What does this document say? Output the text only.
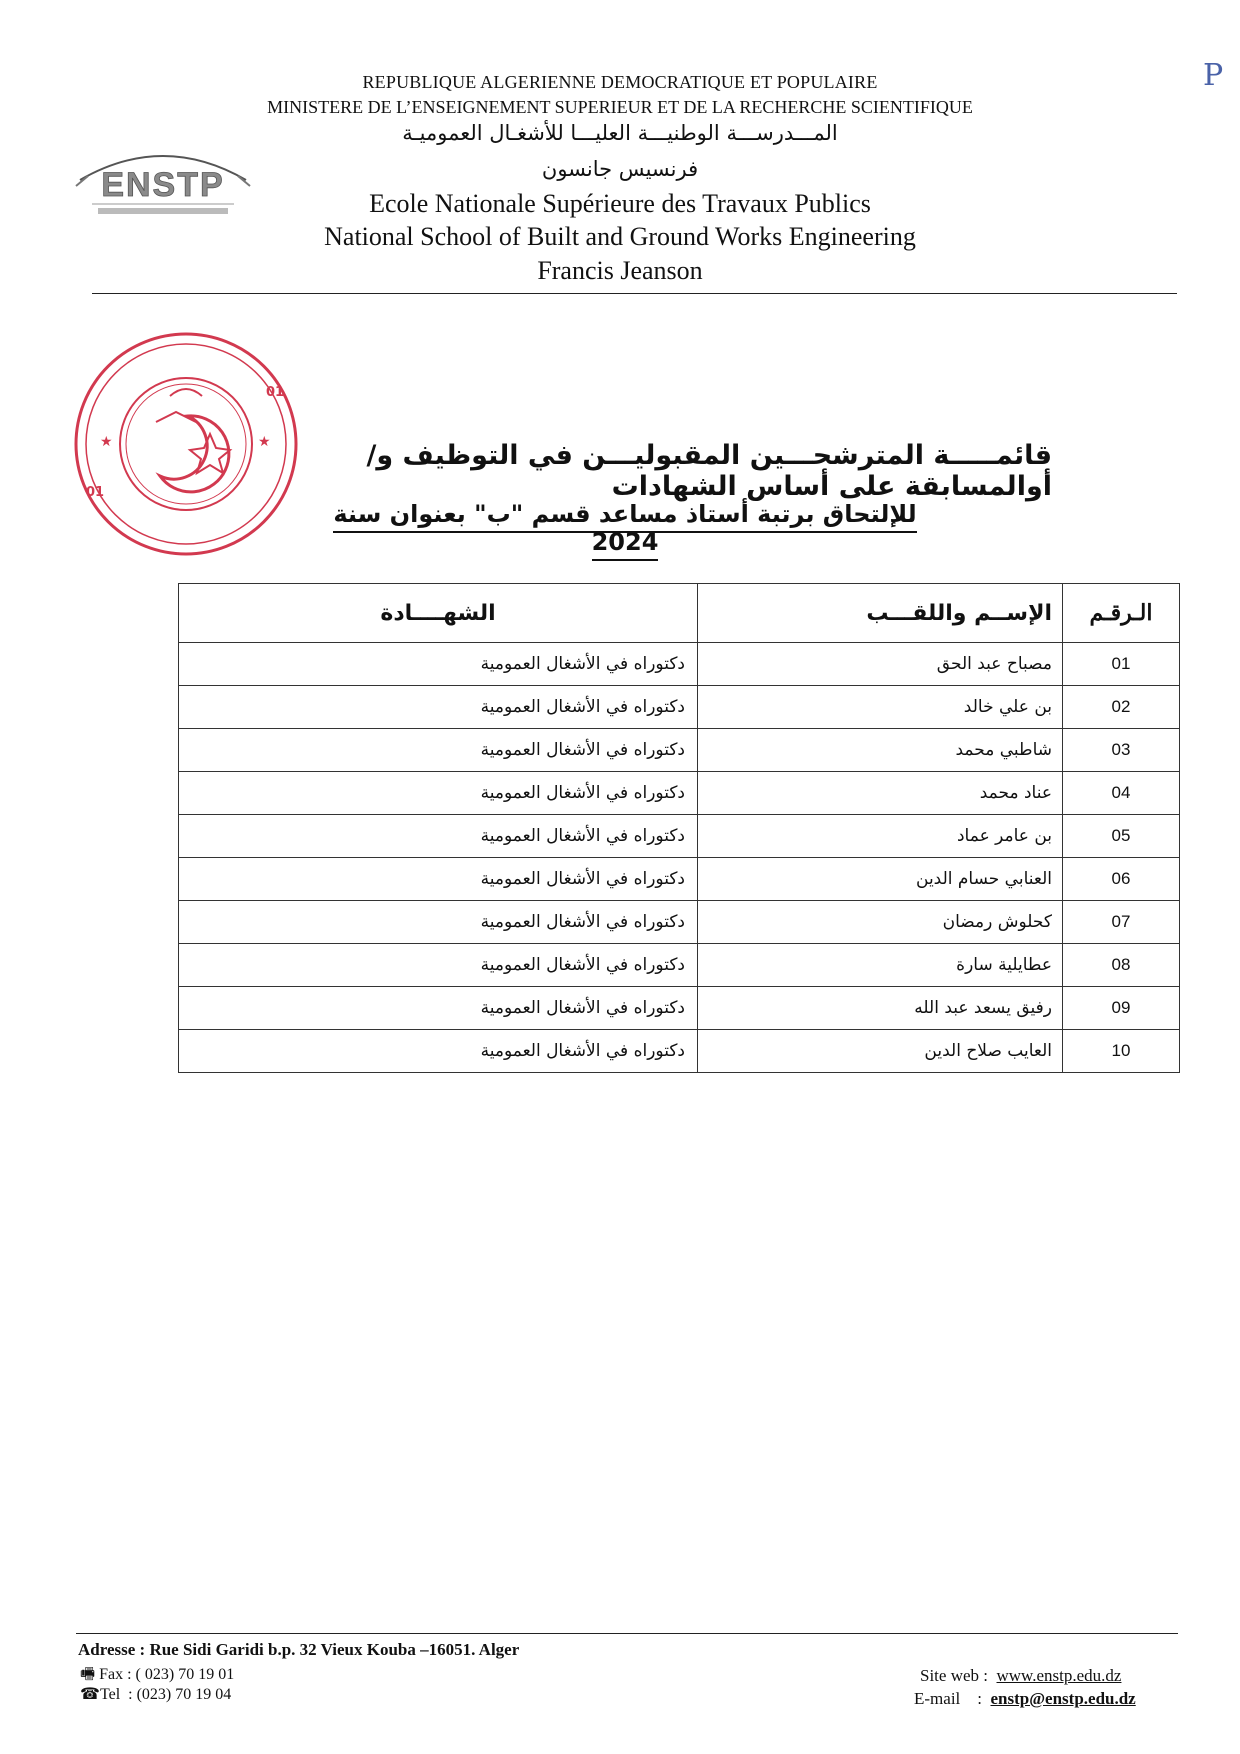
REPUBLIQUE ALGERIENNE DEMOCRATIQUE ET POPULAIRE
MINISTERE DE L’ENSEIGNEMENT SUPERIEUR ET DE LA RECHERCHE SCIENTIFIQUE
المـــدرســـة الوطنيـــة العليـــا للأشغـال العموميـة
فرنسيس جانسون
Ecole Nationale Supérieure des Travaux Publics
National School of Built and Ground Works Engineering
Francis Jeanson
P
ENSTP
★	★
01
01
قائمـــــة المترشحـــين المقبوليـــن في التوظيف و/ أوالمسابقة على أساس الشهادات
للإلتحاق برتبة أستاذ مساعد قسم "ب" بعنوان سنة 2024
الـرقـم	الإســم واللقـــب	الشهــــادة
01	مصباح عبد الحق	دكتوراه في الأشغال العمومية
02	بن علي خالد	دكتوراه في الأشغال العمومية
03	شاطبي محمد	دكتوراه في الأشغال العمومية
04	عناد محمد	دكتوراه في الأشغال العمومية
05	بن عامر عماد	دكتوراه في الأشغال العمومية
06	العنابي حسام الدين	دكتوراه في الأشغال العمومية
07	كحلوش رمضان	دكتوراه في الأشغال العمومية
08	عطايلية سارة	دكتوراه في الأشغال العمومية
09	رفيق يسعد عبد الله	دكتوراه في الأشغال العمومية
10	العايب صلاح الدين	دكتوراه في الأشغال العمومية
Adresse : Rue Sidi Garidi b.p. 32 Vieux Kouba –16051. Alger
🖷 Fax : ( 023) 70 19 01
☎Tel : (023) 70 19 04
Site web : www.enstp.edu.dz
E-mail : enstp@enstp.edu.dz
